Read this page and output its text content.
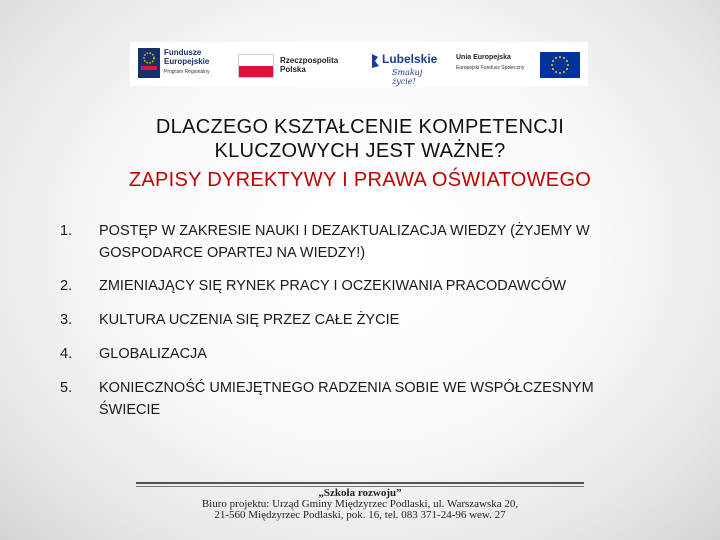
Fundusze
Europejskie
Program Regionalny
Rzeczpospolita
Polska
Lubelskie
Smakuj życie!
Unia Europejska
Europejski Fundusz Społeczny
DLACZEGO KSZTAŁCENIE KOMPETENCJI
KLUCZOWYCH JEST WAŻNE?
ZAPISY DYREKTYWY I PRAWA OŚWIATOWEGO
1. POSTĘP W ZAKRESIE NAUKI I DEZAKTUALIZACJA WIEDZY (ŻYJEMY W
GOSPODARCE OPARTEJ NA WIEDZY!)
2. ZMIENIAJĄCY SIĘ RYNEK PRACY I OCZEKIWANIA PRACODAWCÓW
3. KULTURA UCZENIA SIĘ PRZEZ CAŁE ŻYCIE
4. GLOBALIZACJA
5. KONIECZNOŚĆ UMIEJĘTNEGO RADZENIA SOBIE WE WSPÓŁCZESNYM
ŚWIECIE
„Szkoła rozwoju”
Biuro projektu: Urząd Gminy Międzyrzec Podlaski, ul. Warszawska 20,
21-560 Międzyrzec Podlaski, pok. 16, tel. 083 371-24-96 wew. 27
